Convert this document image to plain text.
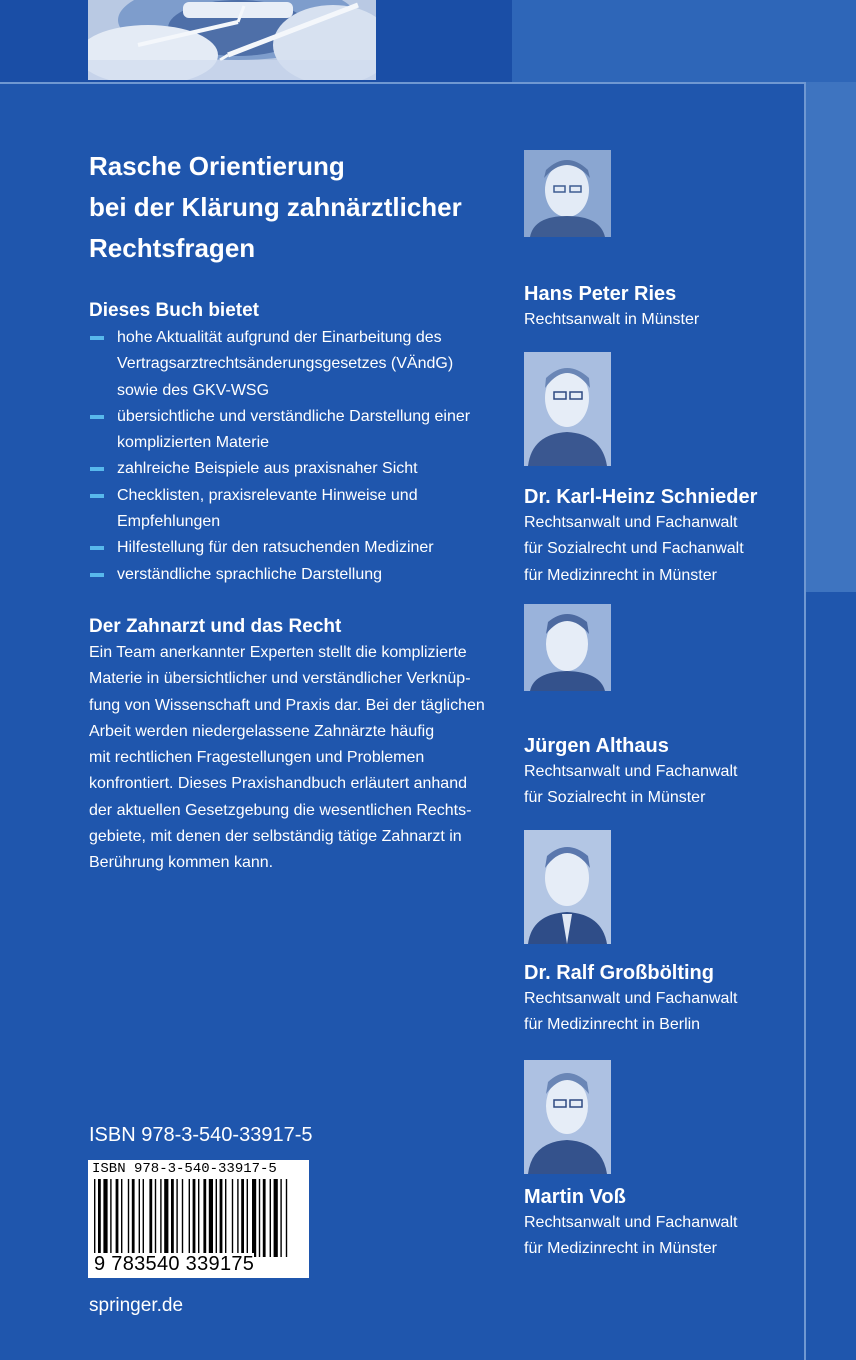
Rasche Orientierung
bei der Klärung zahnärztlicher
Rechtsfragen
Dieses Buch bietet
hohe Aktualität aufgrund der Einarbeitung des
Vertragsarztrechtsänderungsgesetzes (VÄndG)
sowie des GKV-WSG
übersichtliche und verständliche Darstellung einer
komplizierten Materie
zahlreiche Beispiele aus praxisnaher Sicht
Checklisten, praxisrelevante Hinweise und
Empfehlungen
Hilfestellung für den ratsuchenden Mediziner
verständliche sprachliche Darstellung
Der Zahnarzt und das Recht
Ein Team anerkannter Experten stellt die komplizierte
Materie in übersichtlicher und verständlicher Verknüp-
fung von Wissenschaft und Praxis dar. Bei der täglichen
Arbeit werden niedergelassene Zahnärzte häufig
mit rechtlichen Fragestellungen und Problemen
konfrontiert. Dieses Praxishandbuch erläutert anhand
der aktuellen Gesetzgebung die wesentlichen Rechts-
gebiete, mit denen der selbständig tätige Zahnarzt in
Berührung kommen kann.
ISBN 978-3-540-33917-5
ISBN 978-3-540-33917-5
9 783540 339175
springer.de
Hans Peter Ries
Rechtsanwalt in Münster
Dr. Karl-Heinz Schnieder
Rechtsanwalt und Fachanwalt
für Sozialrecht und Fachanwalt
für Medizinrecht in Münster
Jürgen Althaus
Rechtsanwalt und Fachanwalt
für Sozialrecht in Münster
Dr. Ralf Großbölting
Rechtsanwalt und Fachanwalt
für Medizinrecht in Berlin
Martin Voß
Rechtsanwalt und Fachanwalt
für Medizinrecht in Münster
